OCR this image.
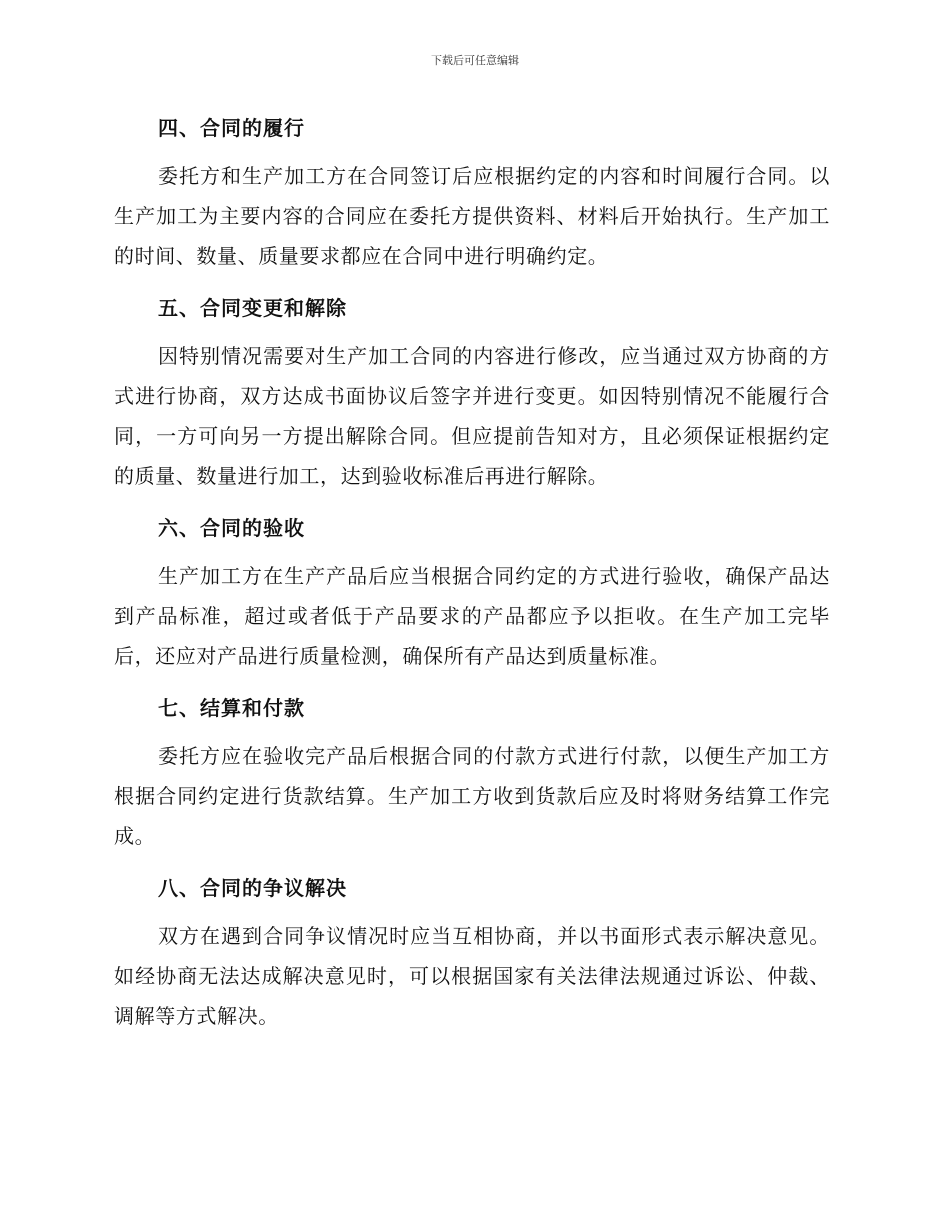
下载后可任意编辑
四、合同的履行

委托方和生产加工方在合同签订后应根据约定的内容和时间履行合同。以生产加工为主要内容的合同应在委托方提供资料、材料后开始执行。生产加工的时间、数量、质量要求都应在合同中进行明确约定。

五、合同变更和解除

因特别情况需要对生产加工合同的内容进行修改，应当通过双方协商的方式进行协商，双方达成书面协议后签字并进行变更。如因特别情况不能履行合同，一方可向另一方提出解除合同。但应提前告知对方，且必须保证根据约定的质量、数量进行加工，达到验收标准后再进行解除。

六、合同的验收

生产加工方在生产产品后应当根据合同约定的方式进行验收，确保产品达到产品标准，超过或者低于产品要求的产品都应予以拒收。在生产加工完毕后，还应对产品进行质量检测，确保所有产品达到质量标准。

七、结算和付款

委托方应在验收完产品后根据合同的付款方式进行付款，以便生产加工方根据合同约定进行货款结算。生产加工方收到货款后应及时将财务结算工作完成。

八、合同的争议解决

双方在遇到合同争议情况时应当互相协商，并以书面形式表示解决意见。如经协商无法达成解决意见时，可以根据国家有关法律法规通过诉讼、仲裁、调解等方式解决。
